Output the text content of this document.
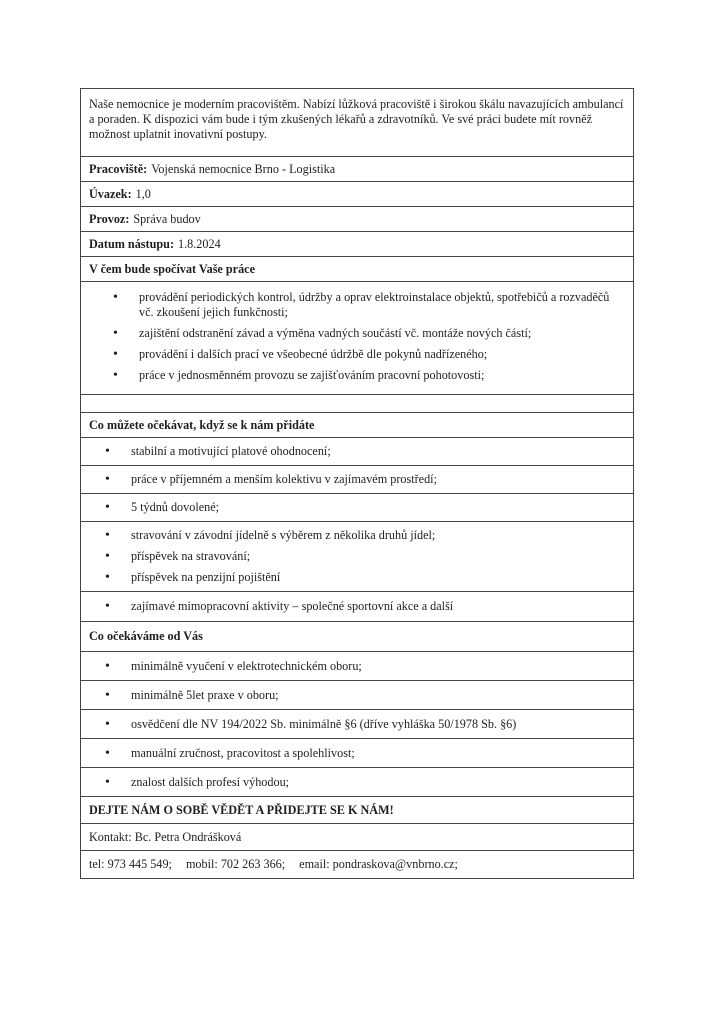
Naše nemocnice je moderním pracovištěm. Nabízí lůžková pracoviště i širokou škálu navazujících ambulancí a poraden. K dispozici vám bude i tým zkušených lékařů a zdravotníků. Ve své práci budete mít rovněž možnost uplatnit inovativní postupy.
Pracoviště: Vojenská nemocnice Brno - Logistika
Úvazek: 1,0
Provoz: Správa budov
Datum nástupu: 1.8.2024
V čem bude spočívat Vaše práce
•	provádění periodických kontrol, údržby a oprav elektroinstalace objektů, spotřebičů a rozvaděčů vč. zkoušení jejich funkčnosti;
•	zajištění odstranění závad a výměna vadných součástí vč. montáže nových částí;
•	provádění i dalších prací ve všeobecné údržbě dle pokynů nadřízeného;
•	práce v jednosměnném provozu se zajišťováním pracovní pohotovosti;
Co můžete očekávat, když se k nám přidáte
•	stabilní a motivující platové ohodnocení;
•	práce v příjemném a menším kolektivu v zajímavém prostředí;
•	5 týdnů dovolené;
•	stravování v závodní jídelně s výběrem z několika druhů jídel;
•	příspěvek na stravování;
•	příspěvek na penzijní pojištění
•	zajímavé mimopracovní aktivity – společné sportovní akce a další
Co očekáváme od Vás
•	minimálně vyučení v elektrotechnickém oboru;
•	minimálně 5let praxe v oboru;
•	osvědčení dle NV 194/2022 Sb. minimálně §6 (dříve vyhláška 50/1978 Sb. §6)
•	manuální zručnost, pracovitost a spolehlivost;
•	znalost dalších profesí výhodou;
DEJTE NÁM O SOBĚ VĚDĚT A PŘIDEJTE SE K NÁM!
Kontakt: Bc. Petra Ondrášková
tel: 973 445 549; mobil: 702 263 366; email: pondraskova@vnbrno.cz;
